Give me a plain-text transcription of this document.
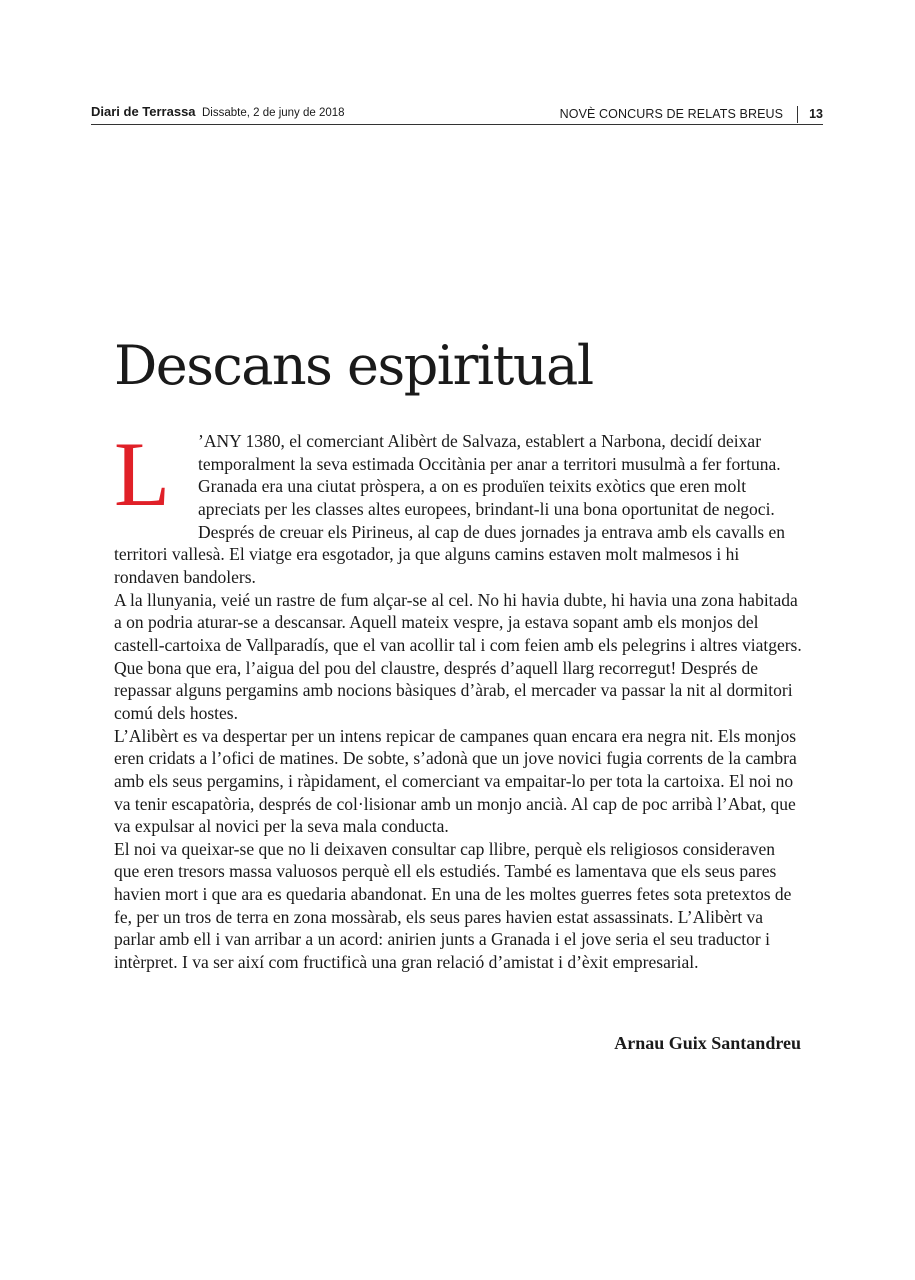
Diari de Terrassa Dissabte, 2 de juny de 2018	NOVÈ CONCURS DE RELATS BREUS 13
Descans espiritual
L	’ANY 1380, el comerciant Alibèrt de Salvaza, establert a Narbona, decidí deixar temporalment la seva estimada Occitània per anar a territori musulmà a fer fortuna. Granada era una ciutat pròspera, a on es produïen teixits exòtics que eren molt apreciats per les classes altes europees, brindant-li una bona oportunitat de negoci. Després de creuar els Pirineus, al cap de dues jornades ja entrava amb els cavalls en territori vallesà. El viatge era esgotador, ja que alguns camins estaven molt malmesos i hi rondaven bandolers.

A la llunyania, veié un rastre de fum alçar-se al cel. No hi havia dubte, hi havia una zona habitada a on podria aturar-se a descansar. Aquell mateix vespre, ja estava sopant amb els monjos del castell-cartoixa de Vallparadís, que el van acollir tal i com feien amb els pelegrins i altres viatgers. Que bona que era, l’aigua del pou del claustre, després d’aquell llarg recorregut! Després de repassar alguns pergamins amb nocions bàsiques d’àrab, el mercader va passar la nit al dormitori comú dels hostes.

L’Alibèrt es va despertar per un intens repicar de campanes quan encara era negra nit. Els monjos eren cridats a l’ofici de matines. De sobte, s’adonà que un jove novici fugia corrents de la cambra amb els seus pergamins, i ràpidament, el comerciant va empaitar-lo per tota la cartoixa. El noi no va tenir escapatòria, després de col·lisionar amb un monjo ancià. Al cap de poc arribà l’Abat, que va expulsar al novici per la seva mala conducta.

El noi va queixar-se que no li deixaven consultar cap llibre, perquè els religiosos consideraven que eren tresors massa valuosos perquè ell els estudiés. També es lamentava que els seus pares havien mort i que ara es quedaria abandonat. En una de les moltes guerres fetes sota pretextos de fe, per un tros de terra en zona mossàrab, els seus pares havien estat assassinats. L’Alibèrt va parlar amb ell i van arribar a un acord: anirien junts a Granada i el jove seria el seu traductor i intèrpret. I va ser així com fructificà una gran relació d’amistat i d’èxit empresarial.

Arnau Guix Santandreu
